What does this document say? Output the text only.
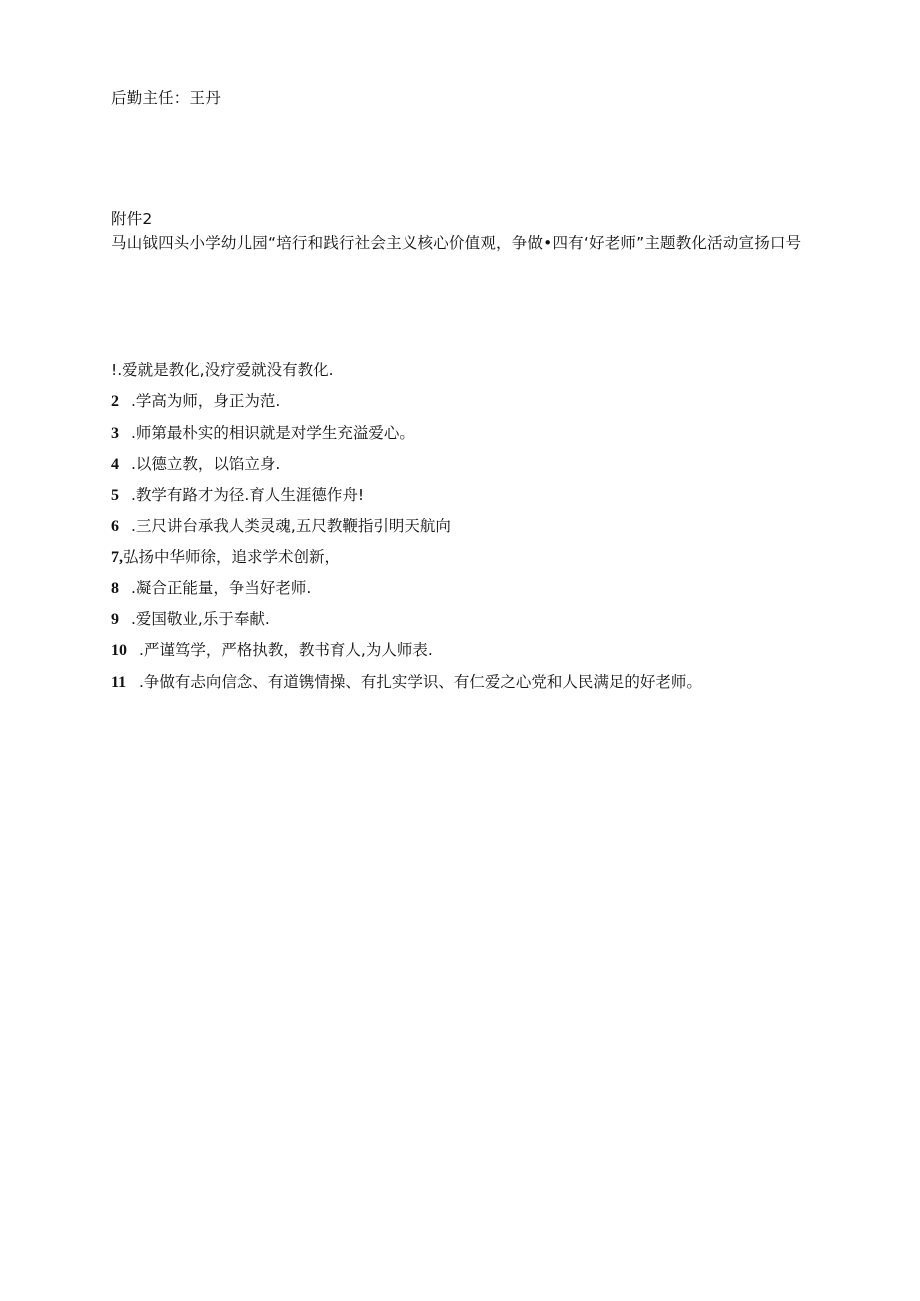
后勤主任：王丹
附件2
马山钺四头小学幼儿园“培行和践行社会主义核心价值观，争做•四有‘好老师”主题教化活动宣扬口号
!.爱就是教化,没疗爱就没有教化.
2 .学高为师，身正为范.
3 .师第最朴实的相识就是对学生充溢爱心。
4 .以德立教，以馅立身.
5 .教学有路才为径.育人生涯德作舟!
6 .三尺讲台承我人类灵魂,五尺教鞭指引明天航向
7,弘扬中华师徐，追求学术创新，
8 .凝合正能量，争当好老师.
9 .爱国敬业,乐于奉献.
10 .严谨笃学，严格执教，教书育人,为人师表.
11 .争做有忐向信念、有道镌情操、有扎实学识、有仁爱之心党和人民满足的好老师。
